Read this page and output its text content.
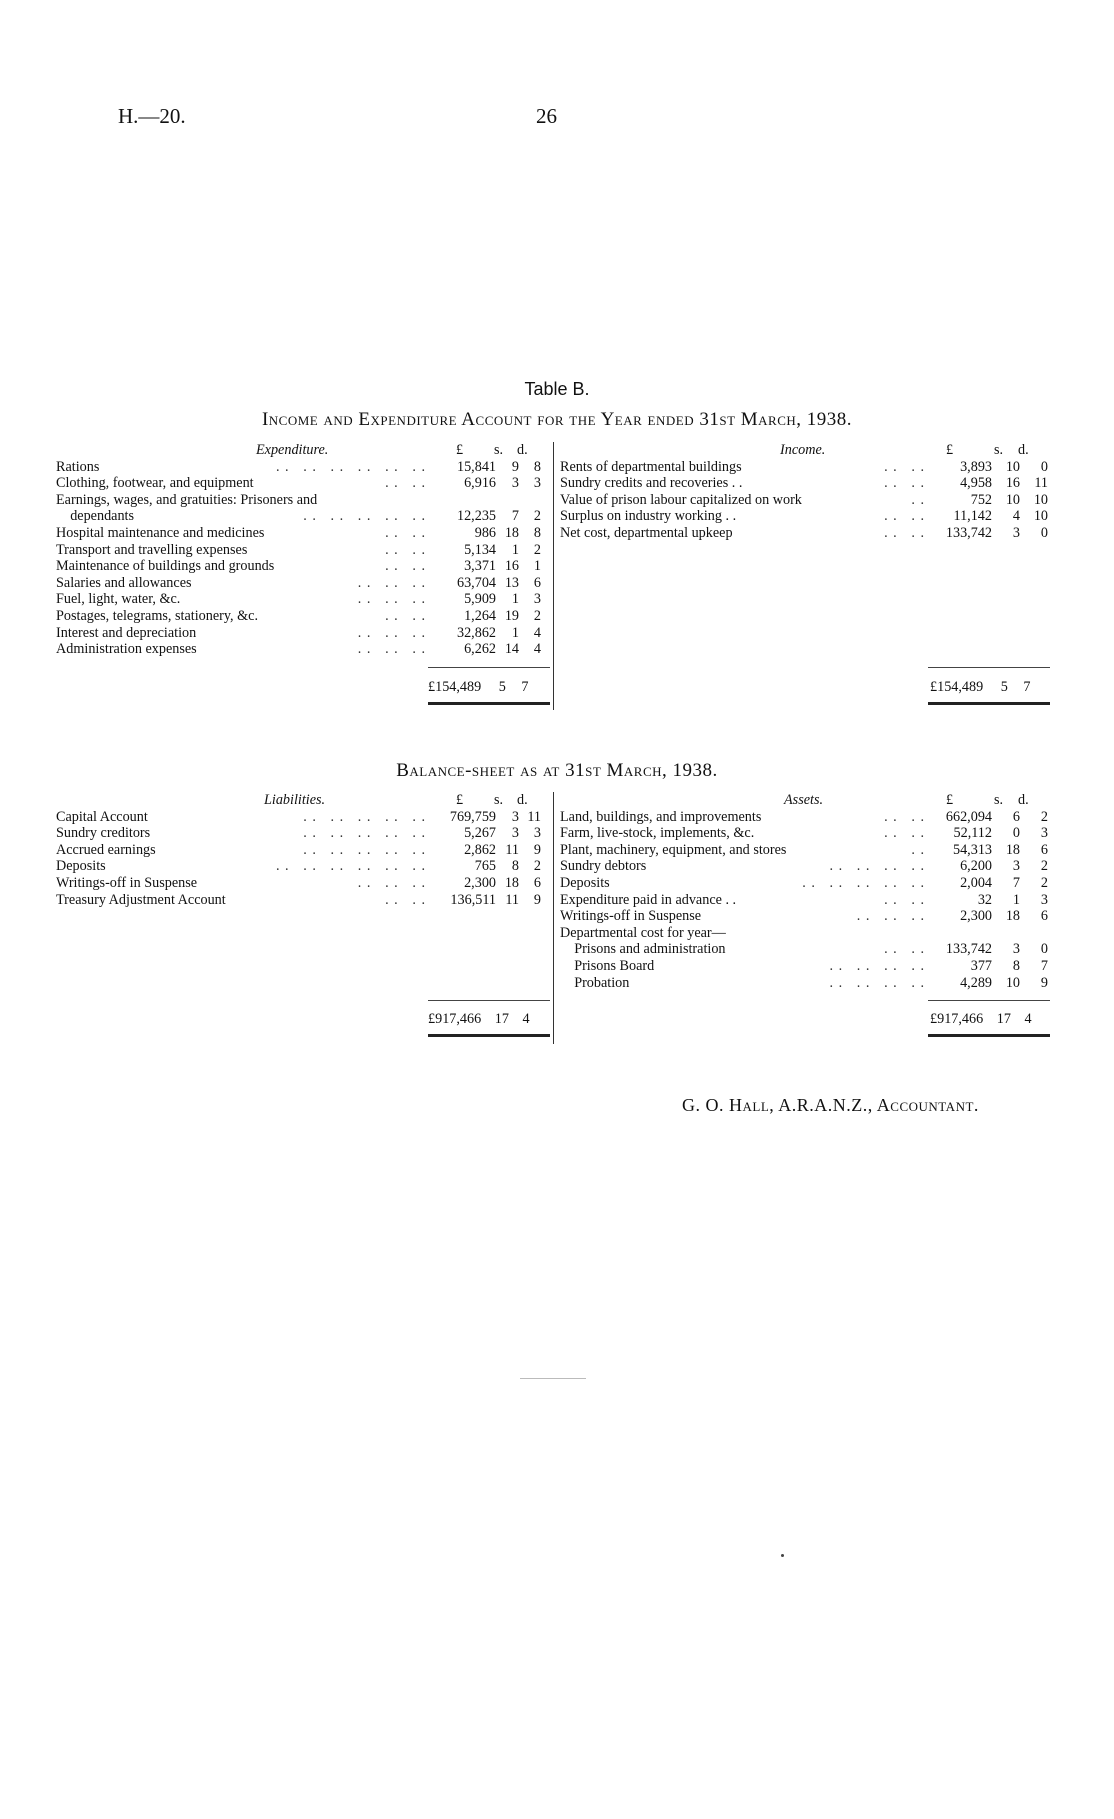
H.—20.	26
Table B.
Income and Expenditure Account for the Year ended 31st March, 1938.
Expenditure.	£ s. d.
Rations	. .   . .   . .   . .   . .   . .	15,841	9	8
Clothing, footwear, and equipment	. .   . .	6,916	3	3
Earnings, wages, and gratuities: Prisoners and
dependants	. .   . .   . .   . .   . .	12,235	7	2
Hospital maintenance and medicines	. .   . .	986 18	8
Transport and travelling expenses	. .   . .	5,134	1	2
Maintenance of buildings and grounds	. .   . .	3,371 16	1
Salaries and allowances	. .   . .   . .	63,704 13	6
Fuel, light, water, &c.	. .   . .   . .	5,909	1	3
Postages, telegrams, stationery, &c.	. .   . .	1,264 19	2
Interest and depreciation	. .   . .   . .	32,862	1	4
Administration expenses	. .   . .   . .	6,262 14	4
Income.	£	s. d.
Rents of departmental buildings	. .   . .	3,893 10	0
Sundry credits and recoveries . .	. .   . .	4,958 16	11
Value of prison labour capitalized on work	. .	752 10 10
Surplus on industry working . .	. .   . .	11,142	4 10
Net cost, departmental upkeep	. .   . .	133,742	3	0
£154,489 5 7	£154,489 5 7
Balance-sheet as at 31st March, 1938.
Liabilities.	£ s. d.
Capital Account	. .   . .   . .   . .   . .	769,759	3 11
Sundry creditors	. .   . .   . .   . .   . .	5,267	3	3
Accrued earnings	. .   . .   . .   . .   . .	2,862 11	9
Deposits	. .   . .   . .   . .   . .   . .	765	8	2
Writings-off in Suspense	. .   . .   . .	2,300 18	6
Treasury Adjustment Account	. .   . .	136,511 11	9
Assets.	£	s. d.
Land, buildings, and improvements	. .   . .	662,094	6	2
Farm, live-stock, implements, &c.	. .   . .	52,112	0	3
Plant, machinery, equipment, and stores	. .	54,313 18	6
Sundry debtors	. .   . .   . .   . .	6,200	3	2
Deposits	. .   . .   . .   . .   . .	2,004	7	2
Expenditure paid in advance . .	. .   . .	32	1	3
Writings-off in Suspense	. .   . .   . .	2,300 18	6
Departmental cost for year—
Prisons and administration	. .   . .	133,742	3	0
Prisons Board	. .   . .   . .   . .	377	8	7
Probation	. .   . .   . .   . .	4,289 10	9
£917,466 17 4	£917,466 17 4
G. O. Hall, A.R.A.N.Z., Accountant.
